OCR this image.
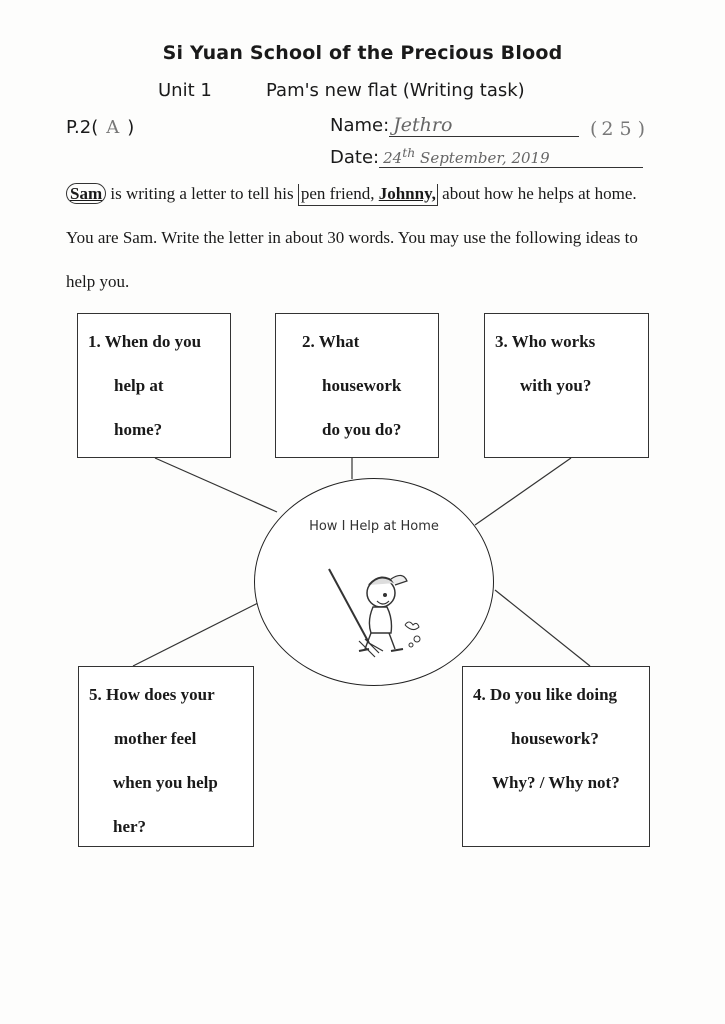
Si Yuan School of the Precious Blood
Unit 1	Pam's new flat (Writing task)
P.2( A )	Name: Jethro	( 25)
Date: 24th September, 2019
Sam is writing a letter to tell his pen friend, Johnny, about how he helps at home. You are Sam. Write the letter in about 30 words. You may use the following ideas to help you.
1. When do you
help at
home?
2. What
housework
do you do?
3. Who works
with you?
How I Help at Home
5. How does your
mother feel
when you help
her?
4. Do you like doing
housework?
Why? / Why not?
